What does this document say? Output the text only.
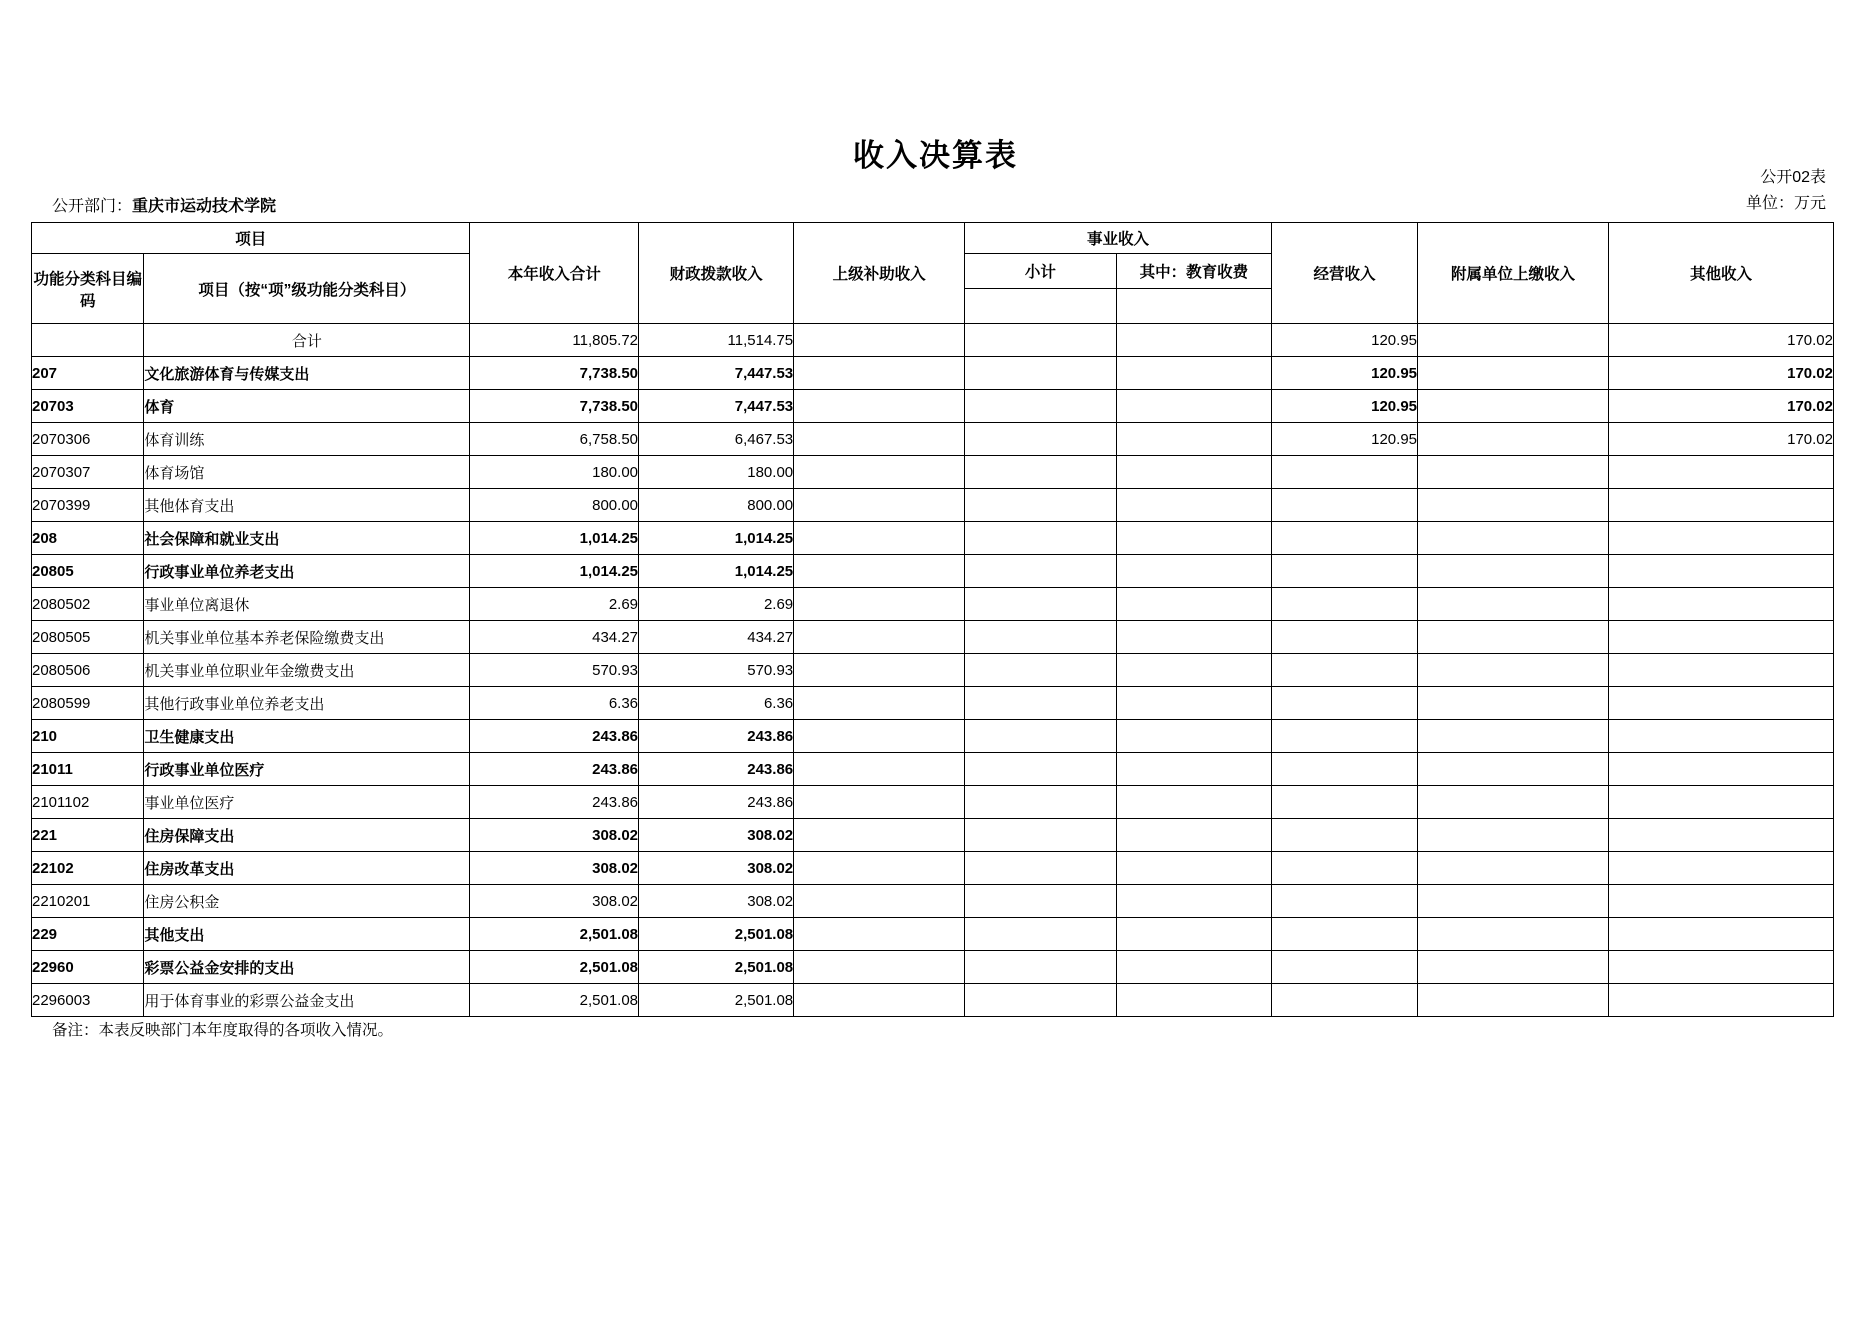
收入决算表
公开02表
单位：万元
公开部门：重庆市运动技术学院
项目		本年收入合计	财政拨款收入	上级补助收入	事业收入		经营收入	附属单位上缴收入	其他收入
功能分类科目编码	项目（按“项”级功能分类科目）				小计	其中：教育收费			

	合计	11,805.72	11,514.75				120.95		170.02
207	文化旅游体育与传媒支出	7,738.50	7,447.53				120.95		170.02
20703	体育	7,738.50	7,447.53				120.95		170.02
2070306	体育训练	6,758.50	6,467.53				120.95		170.02
2070307	体育场馆	180.00	180.00						
2070399	其他体育支出	800.00	800.00						
208	社会保障和就业支出	1,014.25	1,014.25						
20805	行政事业单位养老支出	1,014.25	1,014.25						
2080502	事业单位离退休	2.69	2.69						
2080505	机关事业单位基本养老保险缴费支出	434.27	434.27						
2080506	机关事业单位职业年金缴费支出	570.93	570.93						
2080599	其他行政事业单位养老支出	6.36	6.36						
210	卫生健康支出	243.86	243.86						
21011	行政事业单位医疗	243.86	243.86						
2101102	事业单位医疗	243.86	243.86						
221	住房保障支出	308.02	308.02						
22102	住房改革支出	308.02	308.02						
2210201	住房公积金	308.02	308.02						
229	其他支出	2,501.08	2,501.08						
22960	彩票公益金安排的支出	2,501.08	2,501.08						
2296003	用于体育事业的彩票公益金支出	2,501.08	2,501.08						
备注：本表反映部门本年度取得的各项收入情况。
